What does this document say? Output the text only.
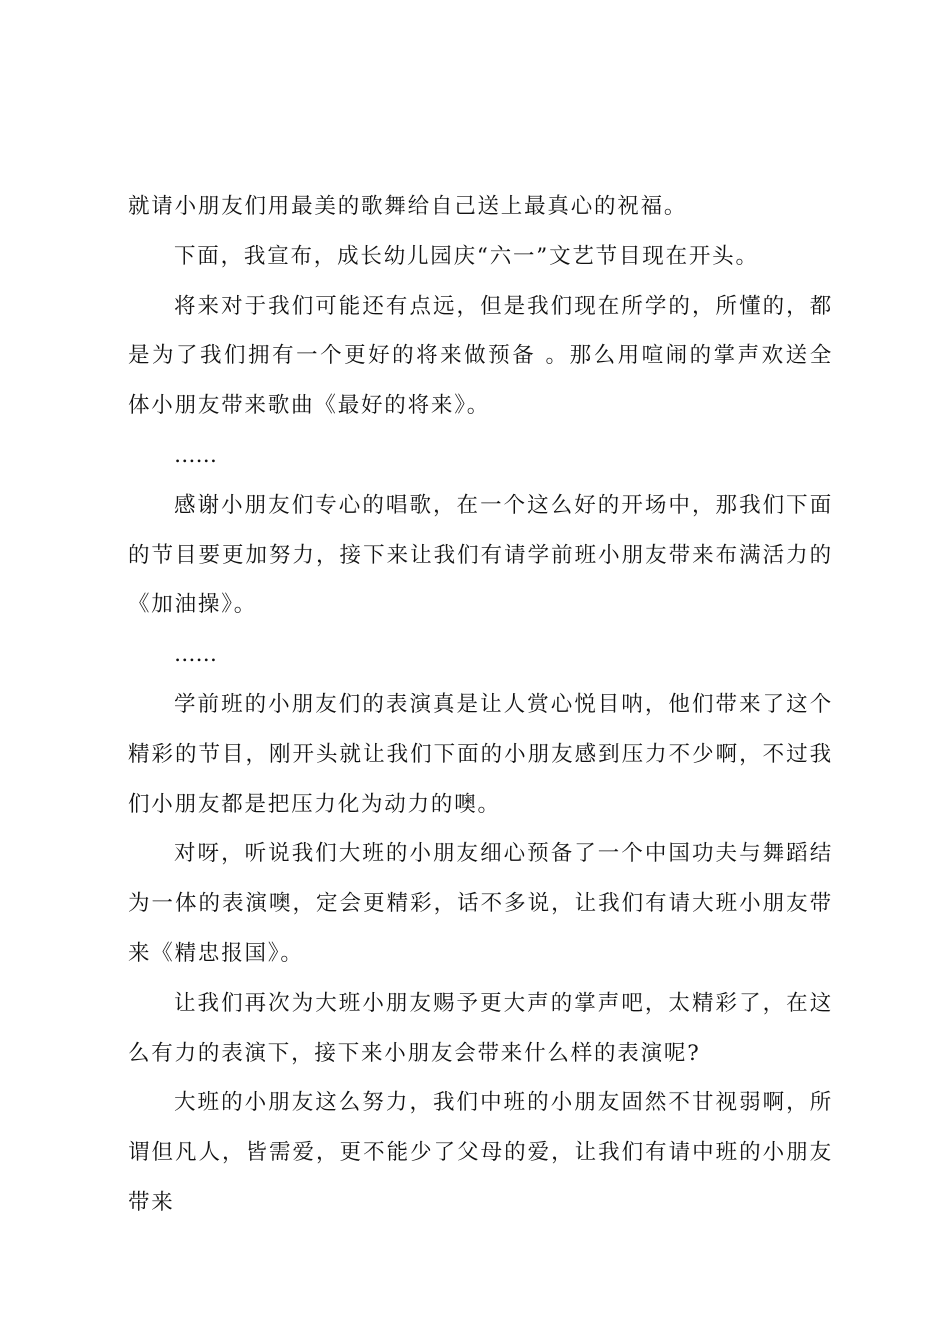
就请小朋友们用最美的歌舞给自己送上最真心的祝福。

下面，我宣布，成长幼儿园庆“六一”文艺节目现在开头。

将来对于我们可能还有点远，但是我们现在所学的，所懂的，都是为了我们拥有一个更好的将来做预备 。那么用喧闹的掌声欢送全体小朋友带来歌曲《最好的将来》。

……

感谢小朋友们专心的唱歌，在一个这么好的开场中，那我们下面的节目要更加努力，接下来让我们有请学前班小朋友带来布满活力的《加油操》。

……

学前班的小朋友们的表演真是让人赏心悦目呐，他们带来了这个精彩的节目，刚开头就让我们下面的小朋友感到压力不少啊，不过我们小朋友都是把压力化为动力的噢。

对呀，听说我们大班的小朋友细心预备了一个中国功夫与舞蹈结为一体的表演噢，定会更精彩，话不多说，让我们有请大班小朋友带来《精忠报国》。

让我们再次为大班小朋友赐予更大声的掌声吧，太精彩了，在这么有力的表演下，接下来小朋友会带来什么样的表演呢?

大班的小朋友这么努力，我们中班的小朋友固然不甘视弱啊，所谓但凡人，皆需爱，更不能少了父母的爱，让我们有请中班的小朋友带来
